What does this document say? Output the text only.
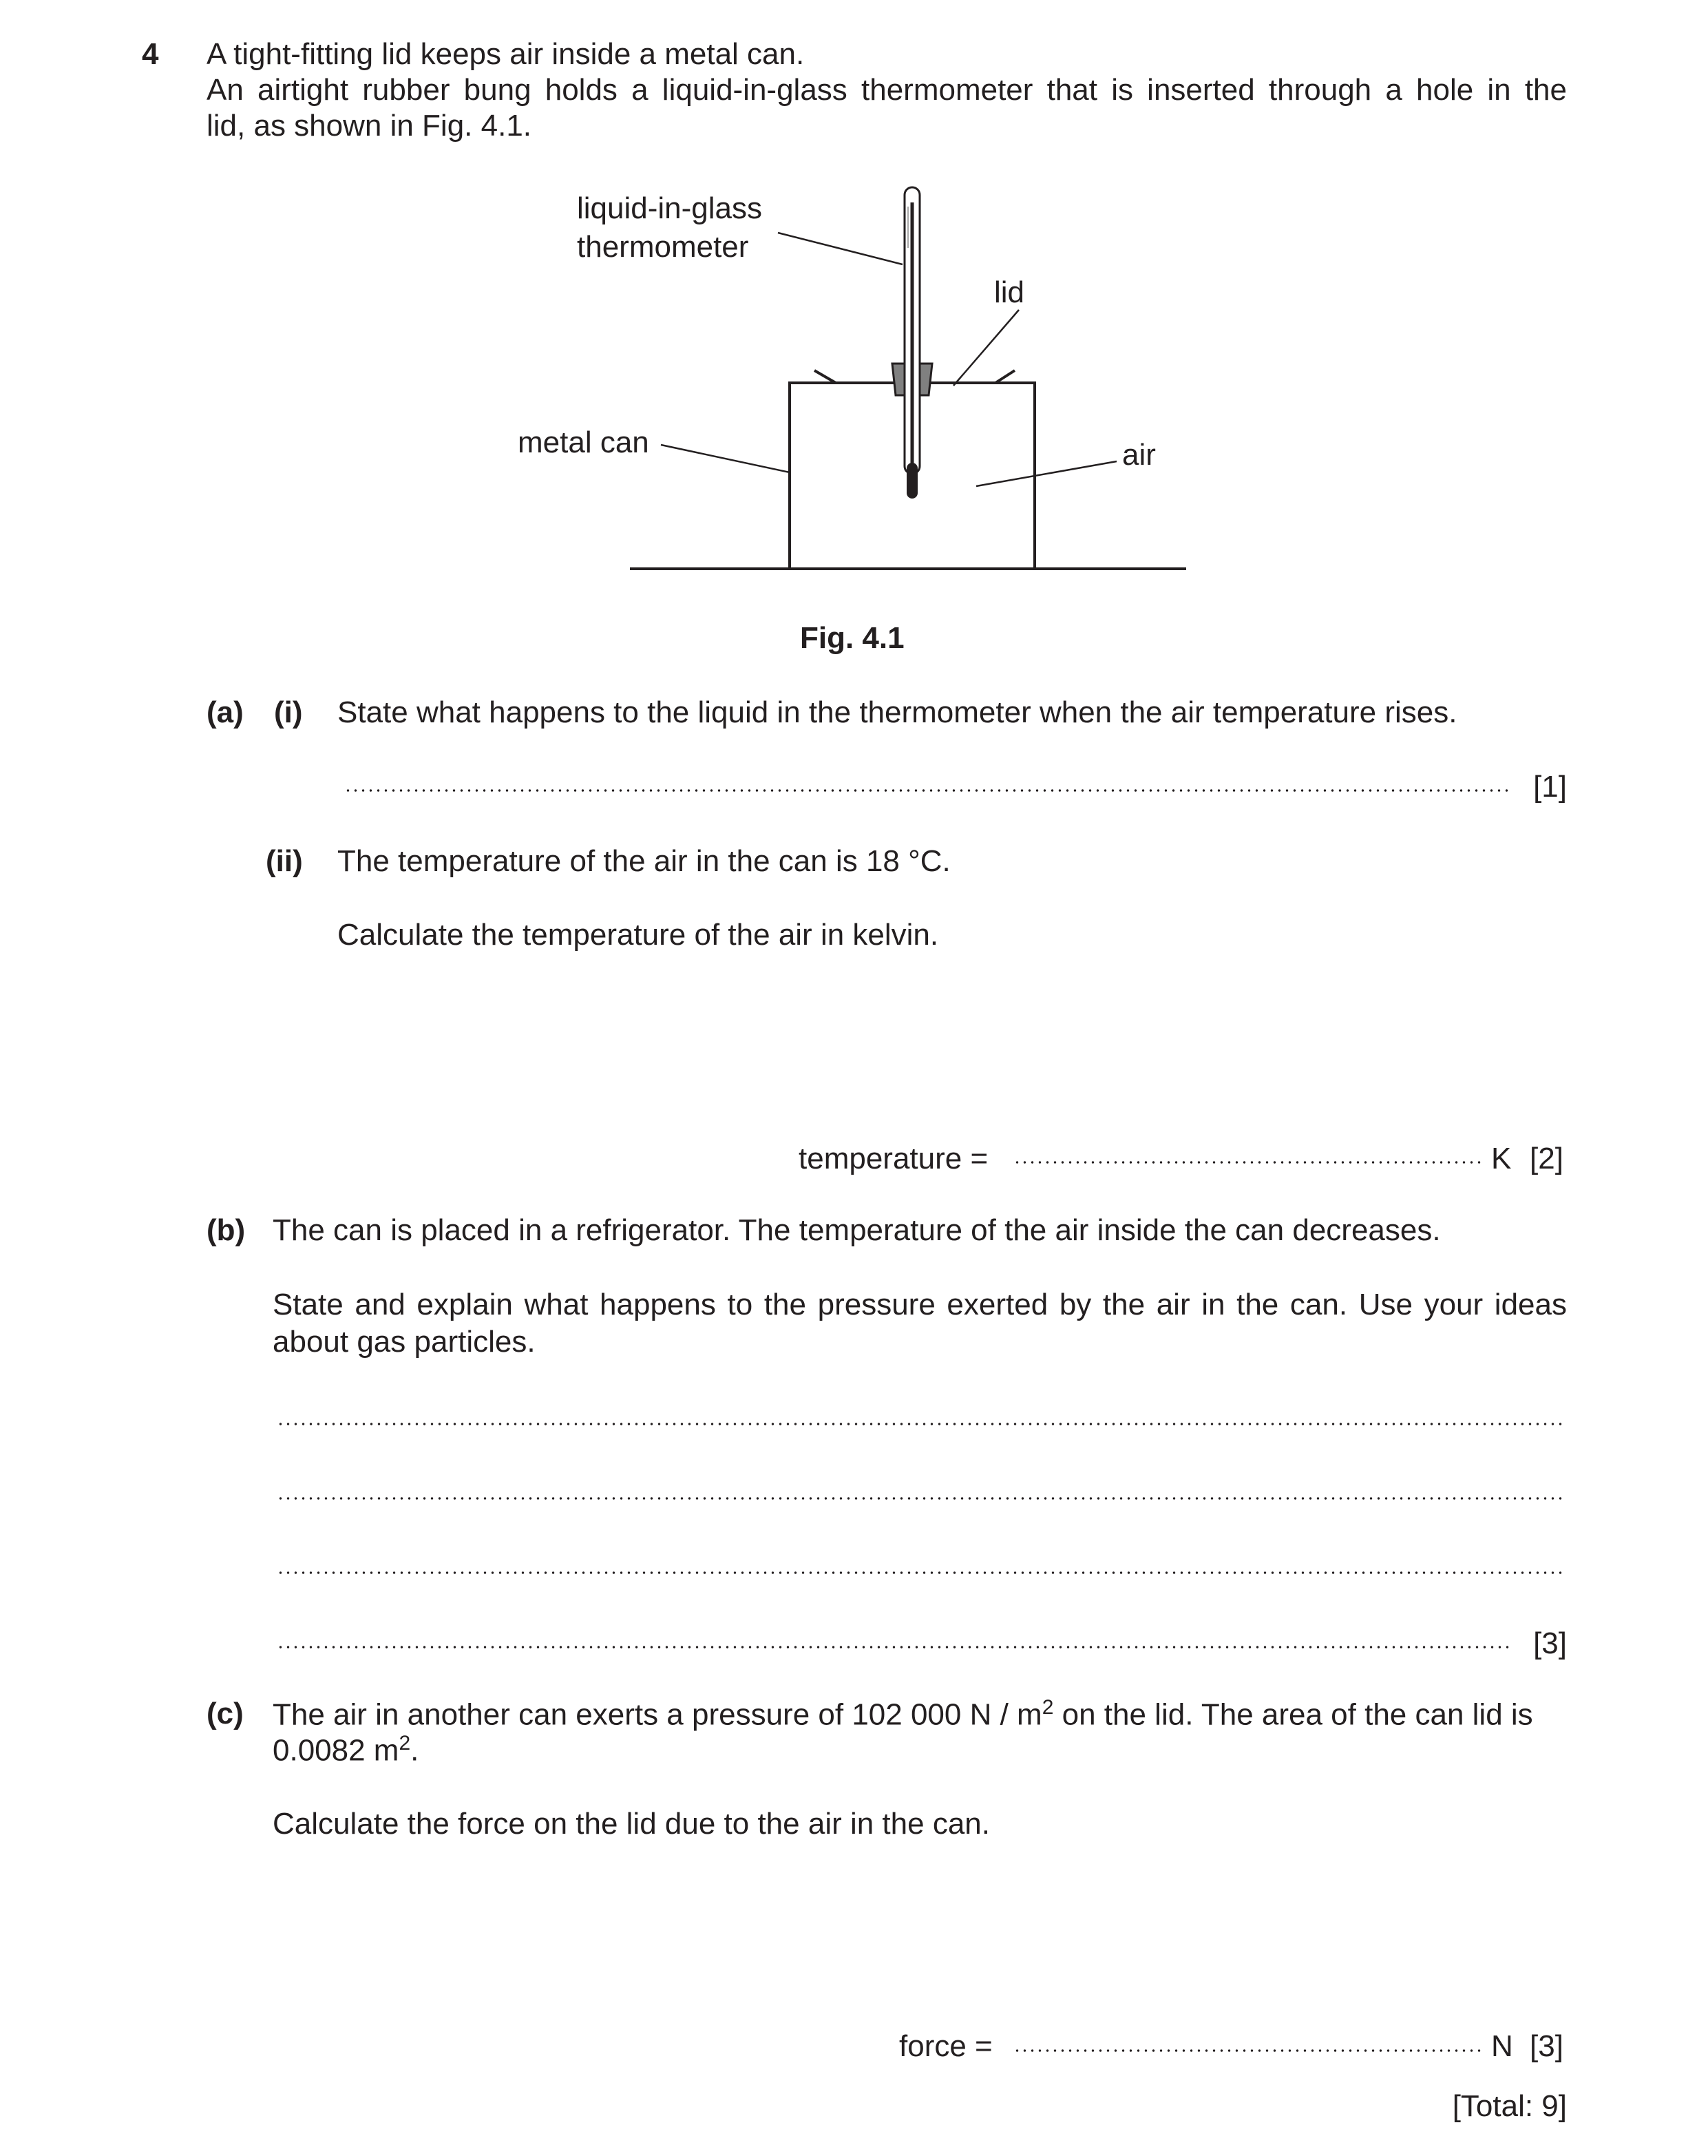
4 A tight-fitting lid keeps air inside a metal can.
An airtight rubber bung holds a liquid-in-glass thermometer that is inserted through a hole in the
lid, as shown in Fig. 4.1.
liquid-in-glass
thermometer
lid
metal can	air
Fig. 4.1
(a) (i) State what happens to the liquid in the thermometer when the air temperature rises.
[1]
(ii) The temperature of the air in the can is 18 °C.
Calculate the temperature of the air in kelvin.
temperature =	K [2]
(b) The can is placed in a refrigerator. The temperature of the air inside the can decreases.
State and explain what happens to the pressure exerted by the air in the can. Use your ideas
about gas particles.
[3]
(c) The air in another can exerts a pressure of 102 000 N / $m^2$ on the lid. The area of the can lid is
0.0082 $m^2$.
Calculate the force on the lid due to the air in the can.
force =	N [3]
[Total: 9]
